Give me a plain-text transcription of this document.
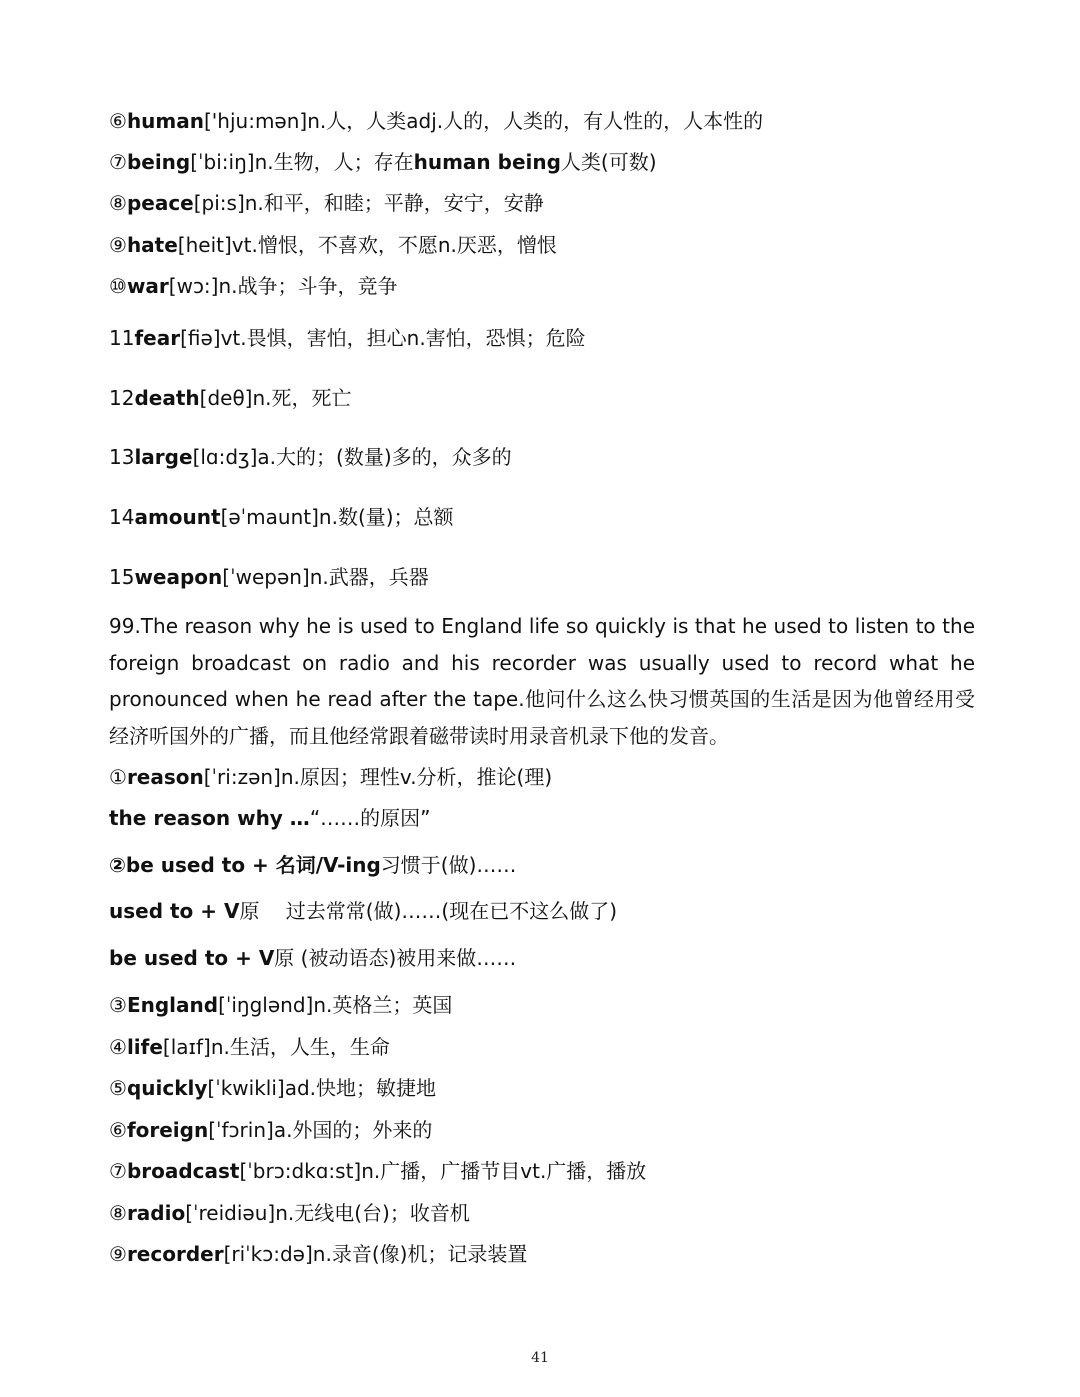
⑥human['hju:mən]n.人，人类adj.人的，人类的，有人性的，人本性的
⑦being[ˈbi:iŋ]n.生物，人；存在human being人类(可数)
⑧peace[pi:s]n.和平，和睦；平静，安宁，安静
⑨hate[heit]vt.憎恨，不喜欢，不愿n.厌恶，憎恨
⑩war[wɔ:]n.战争；斗争，竞争
11fear[fiə]vt.畏惧，害怕，担心n.害怕，恐惧；危险
12death[deθ]n.死，死亡
13large[lɑ:dʒ]a.大的；(数量)多的，众多的
14amount[əˈmaunt]n.数(量)；总额
15weapon[ˈwepən]n.武器，兵器
99.The reason why he is used to England life so quickly is that he used to listen to the foreign broadcast on radio and his recorder was usually used to record what he pronounced when he read after the tape.他问什么这么快习惯英国的生活是因为他曾经用受经济听国外的广播，而且他经常跟着磁带读时用录音机录下他的发音。
①reason[ˈri:zən]n.原因；理性v.分析，推论(理)
the reason why …“……的原因”
②be used to + 名词/V-ing习惯于(做)……
used to + V原　 过去常常(做)……(现在已不这么做了)
be used to + V原 (被动语态)被用来做……
③England[ˈiŋglənd]n.英格兰；英国
④life[laɪf]n.生活，人生，生命
⑤quickly[ˈkwikli]ad.快地；敏捷地
⑥foreign[ˈfɔrin]a.外国的；外来的
⑦broadcast[ˈbrɔ:dkɑ:st]n.广播，广播节目vt.广播，播放
⑧radio[ˈreidiəu]n.无线电(台)；收音机
⑨recorder[riˈkɔ:də]n.录音(像)机；记录装置
41
